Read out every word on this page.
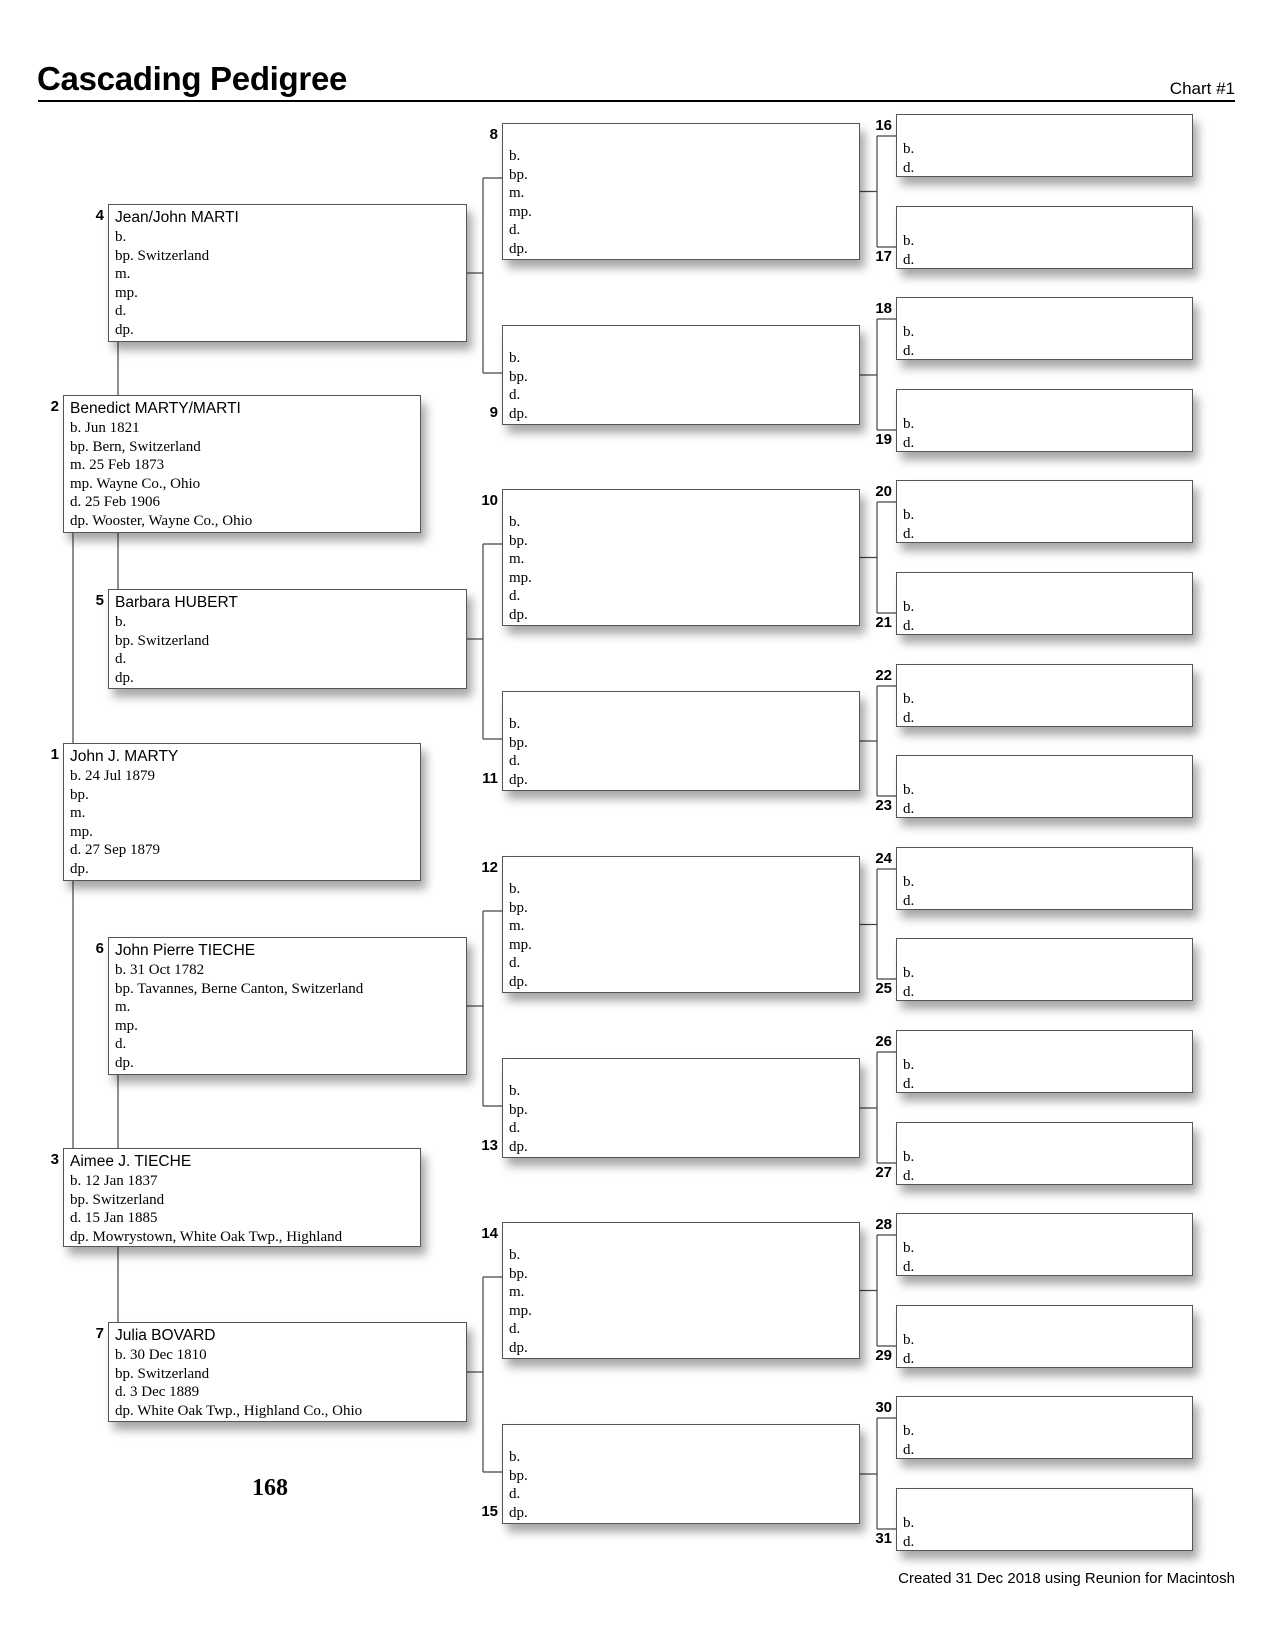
Cascading Pedigree	Chart #1
John J. MARTY
b. 24 Jul 1879
bp.
m.
mp.
d. 27 Sep 1879
dp.
1
Benedict MARTY/MARTI
b. Jun 1821
bp. Bern, Switzerland
m. 25 Feb 1873
mp. Wayne Co., Ohio
d. 25 Feb 1906
dp. Wooster, Wayne Co., Ohio
2
Aimee J. TIECHE
b. 12 Jan 1837
bp. Switzerland
d. 15 Jan 1885
dp. Mowrystown, White Oak Twp., Highland
3
Jean/John MARTI
b.
bp. Switzerland
m.
mp.
d.
dp.
4
Barbara HUBERT
b.
bp. Switzerland
d.
dp.
5
John Pierre TIECHE
b. 31 Oct 1782
bp. Tavannes, Berne Canton, Switzerland
m.
mp.
d.
dp.
6
Julia BOVARD
b. 30 Dec 1810
bp. Switzerland
d. 3 Dec 1889
dp. White Oak Twp., Highland Co., Ohio
7

b.
bp.
m.
mp.
d.
dp.
8

b.
bp.
d.
dp.
9

b.
bp.
m.
mp.
d.
dp.
10

b.
bp.
d.
dp.
11

b.
bp.
m.
mp.
d.
dp.
12

b.
bp.
d.
dp.
13

b.
bp.
m.
mp.
d.
dp.
14

b.
bp.
d.
dp.
15

b.
d.
16

b.
d.
17

b.
d.
18

b.
d.
19

b.
d.
20

b.
d.
21

b.
d.
22

b.
d.
23

b.
d.
24

b.
d.
25

b.
d.
26

b.
d.
27

b.
d.
28

b.
d.
29

b.
d.
30

b.
d.
31
168
Created 31 Dec 2018 using Reunion for Macintosh
